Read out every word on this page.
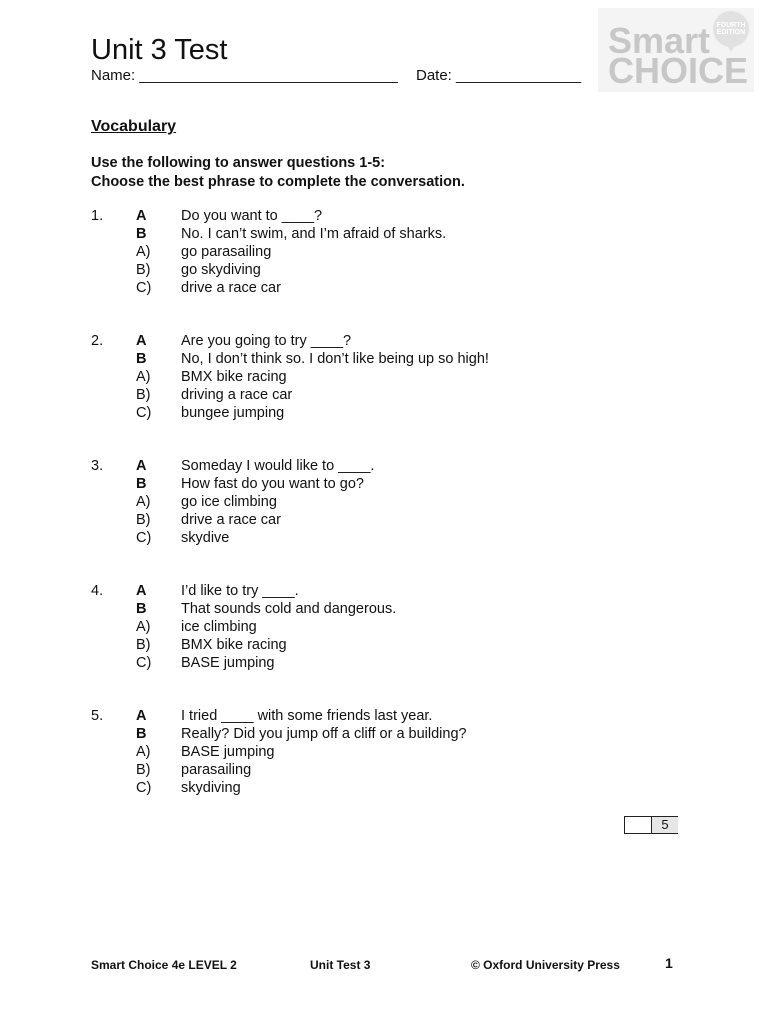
Unit 3 Test
Name: _______________________________ Date: _______________
Smart
CHOICE
FOURTH
EDITION
Vocabulary
Use the following to answer questions 1-5:
Choose the best phrase to complete the conversation.
1. A Do you want to ____?
B No. I can’t swim, and I’m afraid of sharks.
A) go parasailing
B) go skydiving
C) drive a race car
2. A Are you going to try ____?
B No, I don’t think so. I don’t like being up so high!
A) BMX bike racing
B) driving a race car
C) bungee jumping
3. A Someday I would like to ____.
B How fast do you want to go?
A) go ice climbing
B) drive a race car
C) skydive
4. A I’d like to try ____.
B That sounds cold and dangerous.
A) ice climbing
B) BMX bike racing
C) BASE jumping
5. A I tried ____ with some friends last year.
B Really? Did you jump off a cliff or a building?
A) BASE jumping
B) parasailing
C) skydiving
5
Smart Choice 4e LEVEL 2	Unit Test 3	© Oxford University Press	1
